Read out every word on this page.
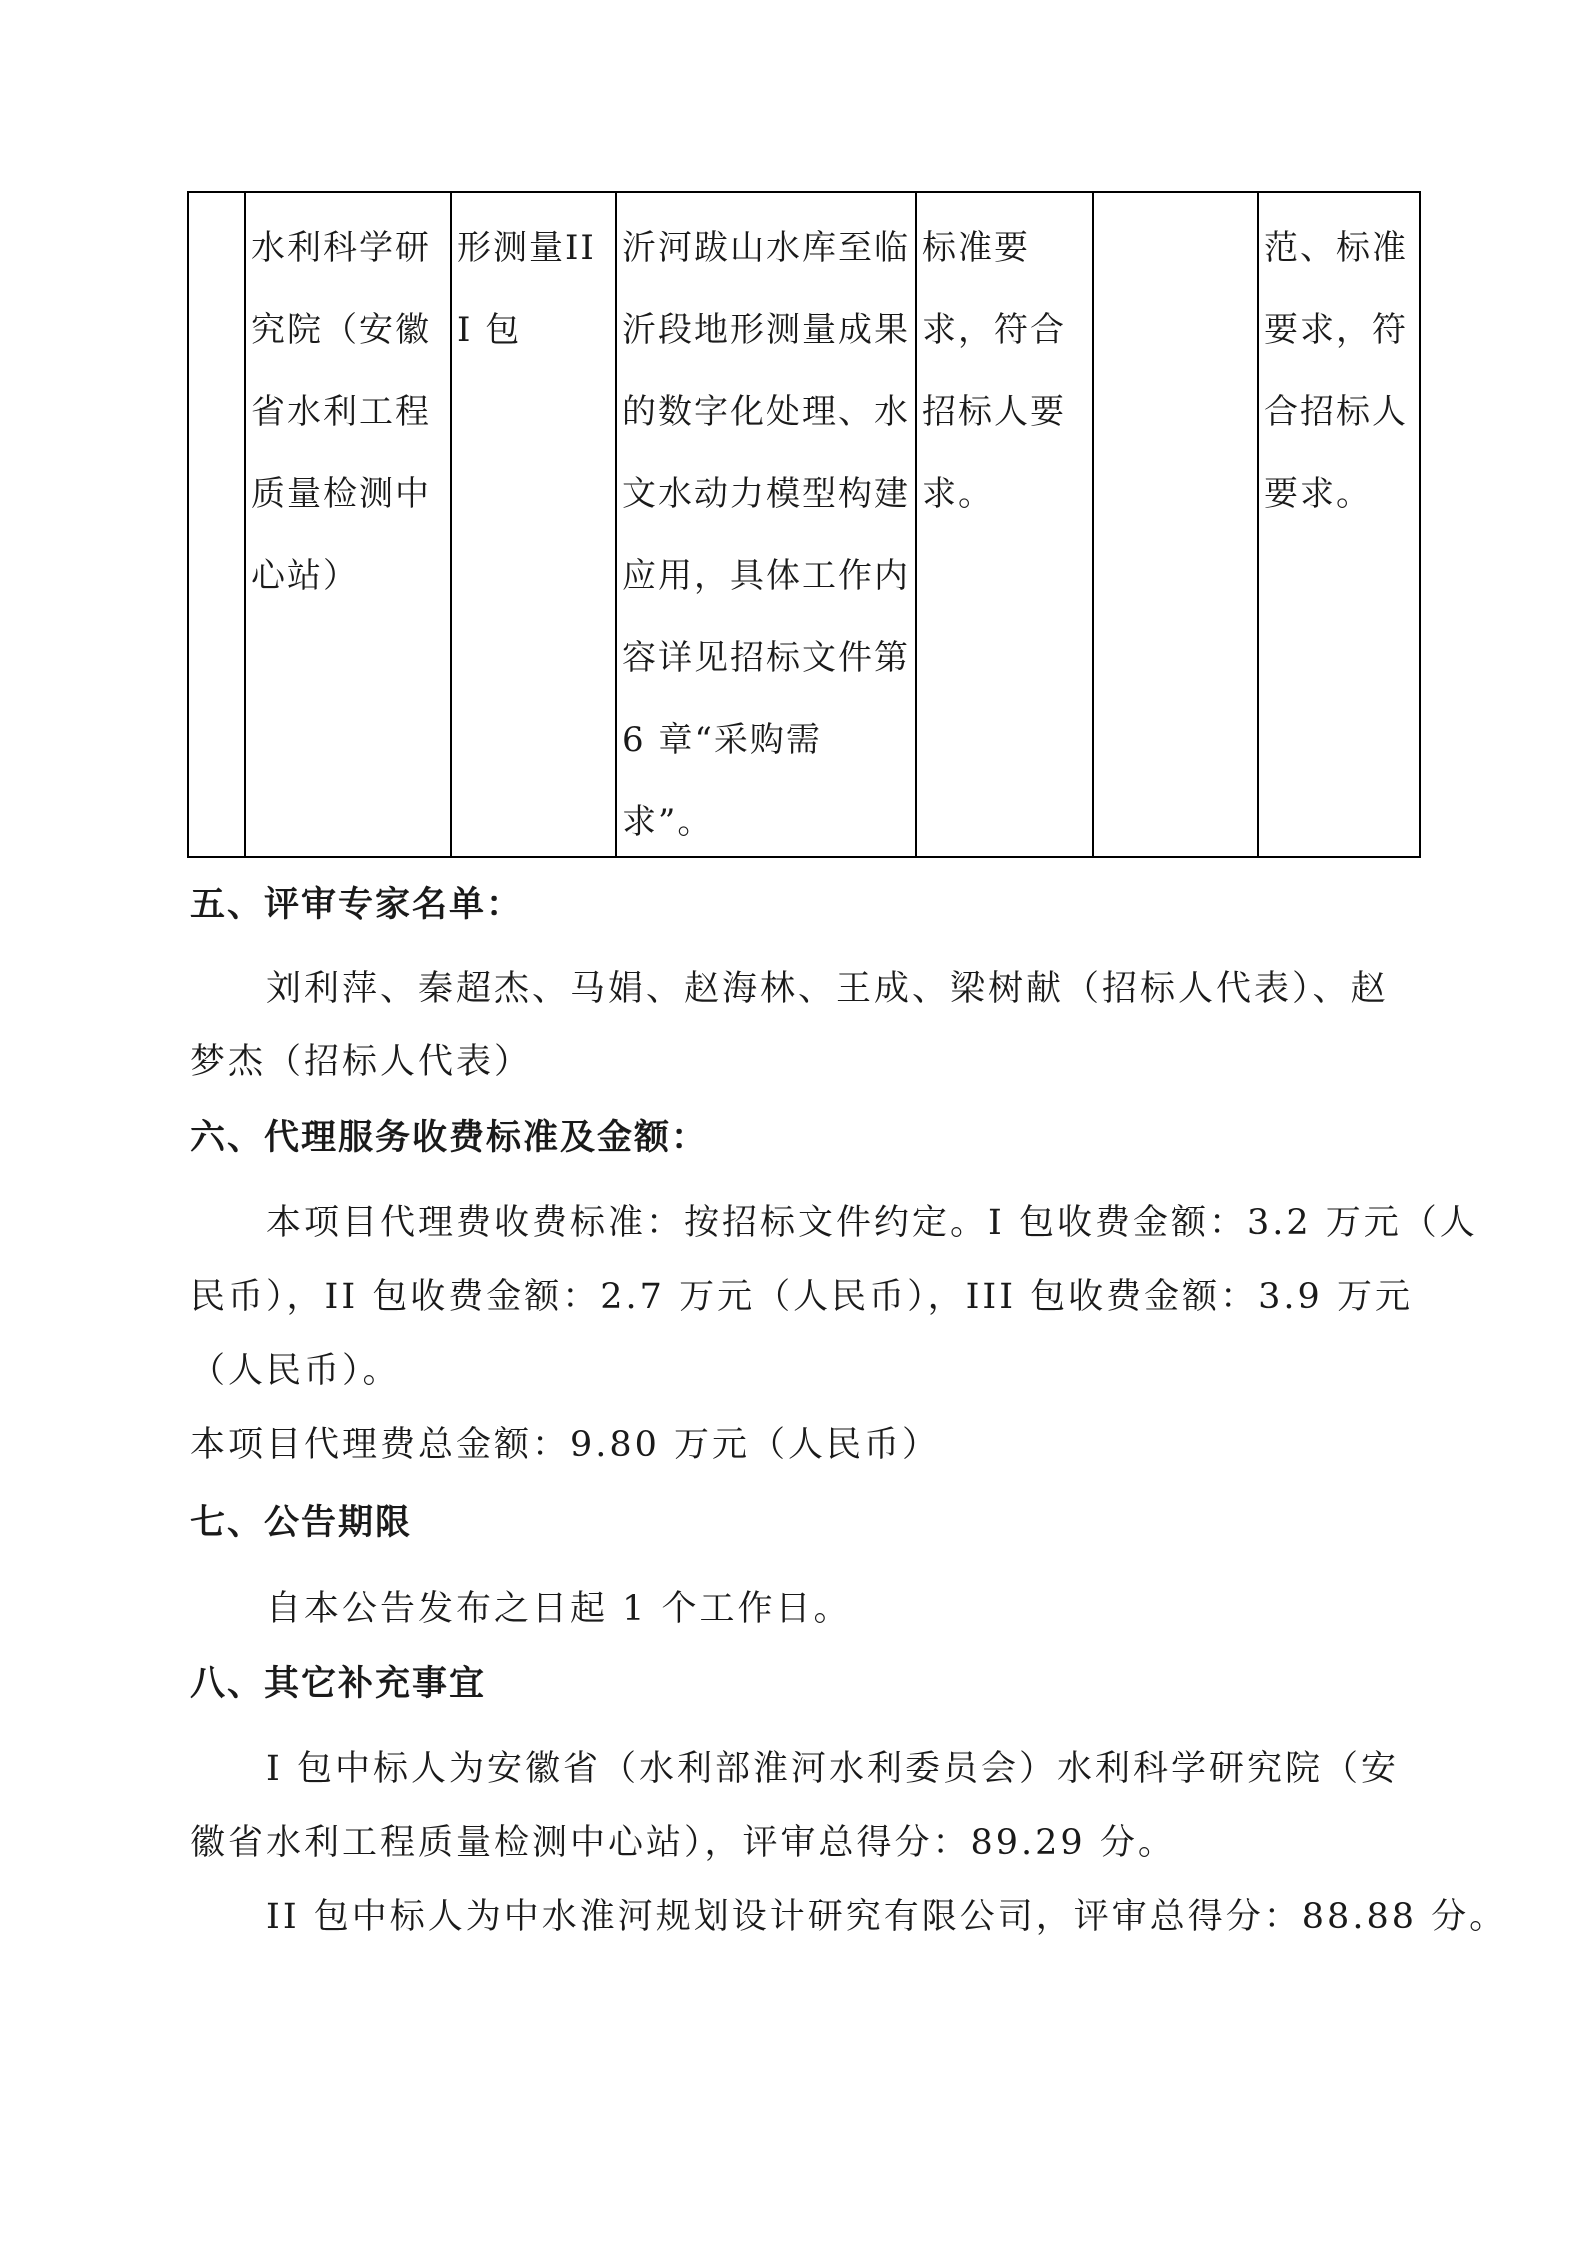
水利科学研究院（安徽省水利工程质量检测中心站）
形测量III 包
沂河跋山水库至临沂段地形测量成果的数字化处理、水文水动力模型构建应用，具体工作内容详见招标文件第6 章“采购需求”。
标准要求，符合招标人要求。
范、标准要求，符合招标人要求。
五、评审专家名单：
刘利萍、秦超杰、马娟、赵海林、王成、梁树献（招标人代表）、赵
梦杰（招标人代表）
六、代理服务收费标准及金额：
本项目代理费收费标准：按招标文件约定。I 包收费金额：3.2 万元（人
民币），II 包收费金额：2.7 万元（人民币），III 包收费金额：3.9 万元
（人民币）。
本项目代理费总金额：9.80 万元（人民币）
七、公告期限
自本公告发布之日起 1 个工作日。
八、其它补充事宜
I 包中标人为安徽省（水利部淮河水利委员会）水利科学研究院（安
徽省水利工程质量检测中心站），评审总得分：89.29 分。
II 包中标人为中水淮河规划设计研究有限公司，评审总得分：88.88 分。
